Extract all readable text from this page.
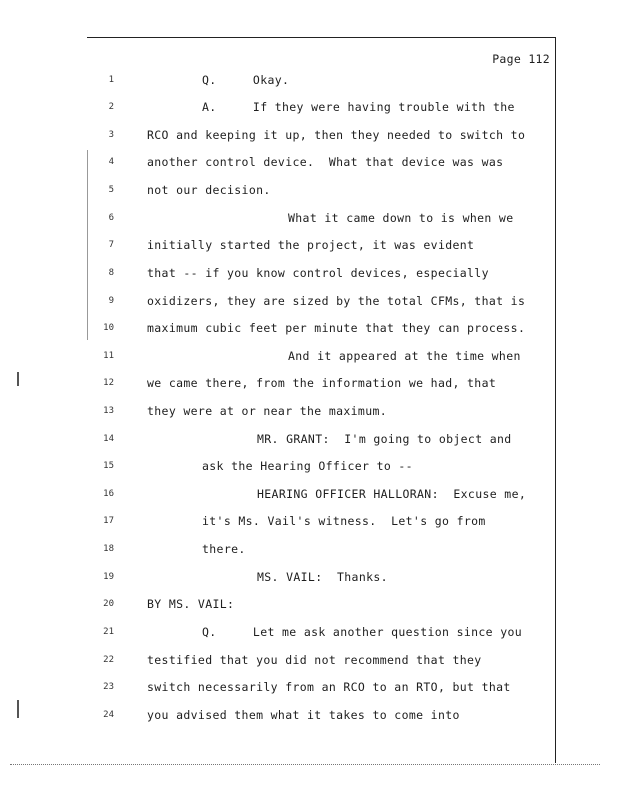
Page 112
1	Q.     Okay.
2	A.     If they were having trouble with the
3	RCO and keeping it up, then they needed to switch to
4	another control device.  What that device was was
5	not our decision.
6	What it came down to is when we
7	initially started the project, it was evident
8	that -- if you know control devices, especially
9	oxidizers, they are sized by the total CFMs, that is
10	maximum cubic feet per minute that they can process.
11	And it appeared at the time when
12	we came there, from the information we had, that
13	they were at or near the maximum.
14	MR. GRANT:  I'm going to object and
15	ask the Hearing Officer to --
16	HEARING OFFICER HALLORAN:  Excuse me,
17	it's Ms. Vail's witness.  Let's go from
18	there.
19	MS. VAIL:  Thanks.
20	BY MS. VAIL:
21	Q.     Let me ask another question since you
22	testified that you did not recommend that they
23	switch necessarily from an RCO to an RTO, but that
24	you advised them what it takes to come into
